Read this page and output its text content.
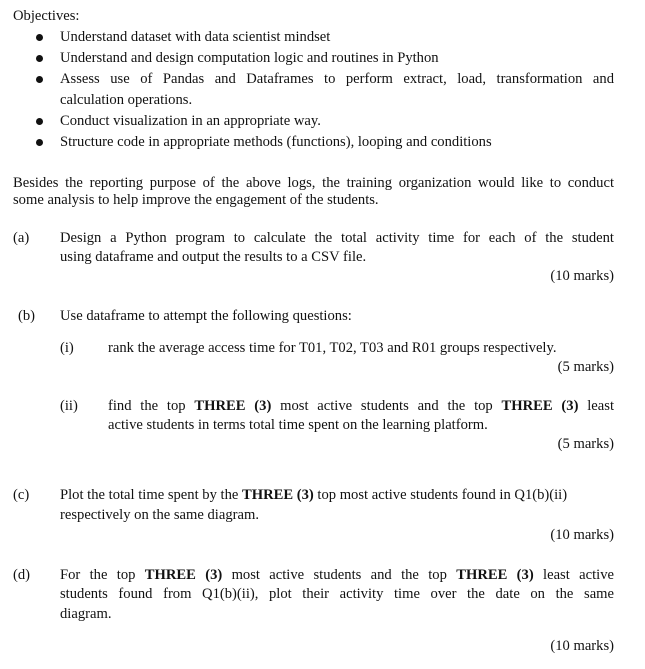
Objectives:
Understand dataset with data scientist mindset
Understand and design computation logic and routines in Python
Assess use of Pandas and Dataframes to perform extract, load, transformation and
calculation operations.
Conduct visualization in an appropriate way.
Structure code in appropriate methods (functions), looping and conditions
Besides the reporting purpose of the above logs, the training organization would like to conduct
some analysis to help improve the engagement of the students.
(a) Design a Python program to calculate the total activity time for each of the student
using dataframe and output the results to a CSV file.
(10 marks)
(b) Use dataframe to attempt the following questions:
(i) rank the average access time for T01, T02, T03 and R01 groups respectively.
(5 marks)
(ii) find the top THREE (3) most active students and the top THREE (3) least
active students in terms total time spent on the learning platform.
(5 marks)
(c) Plot the total time spent by the THREE (3) top most active students found in Q1(b)(ii)
respectively on the same diagram.
(10 marks)
(d) For the top THREE (3) most active students and the top THREE (3) least active
students found from Q1(b)(ii), plot their activity time over the date on the same
diagram.
(10 marks)
